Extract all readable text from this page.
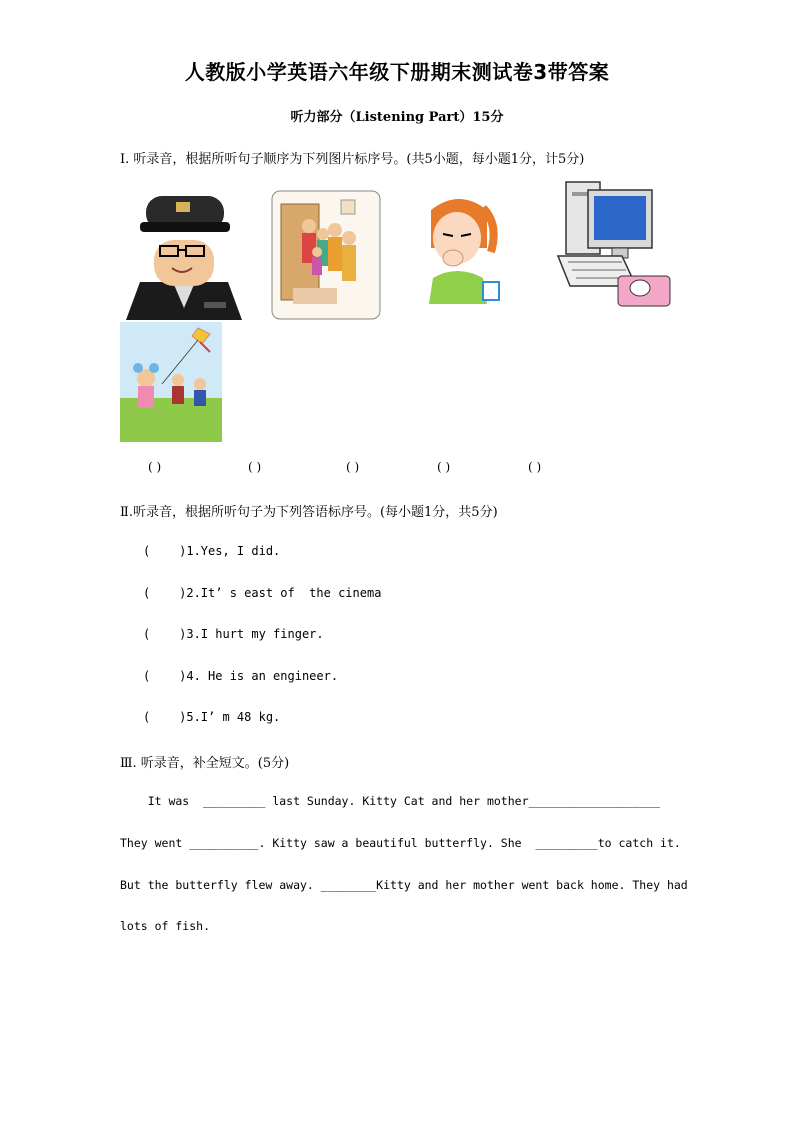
人教版小学英语六年级下册期末测试卷3带答案
听力部分（Listening Part）15分
Ⅰ. 听录音，根据所听句子顺序为下列图片标序号。(共5小题，每小题1分，计5分)
( )	( )	( )	( )	( )
Ⅱ.听录音，根据所听句子为下列答语标序号。(每小题1分，共5分)
(    )1.Yes, I did.
(    )2.It’ s east of  the cinema
(    )3.I hurt my finger.
(    )4. He is an engineer.
(    )5.I’ m 48 kg.
Ⅲ. 听录音，补全短文。(5分)
It was  _________ last Sunday. Kitty Cat and her mother___________________
They went __________. Kitty saw a beautiful butterfly. She  _________to catch it.
But the butterfly flew away. ________Kitty and her mother went back home. They had
lots of fish.
